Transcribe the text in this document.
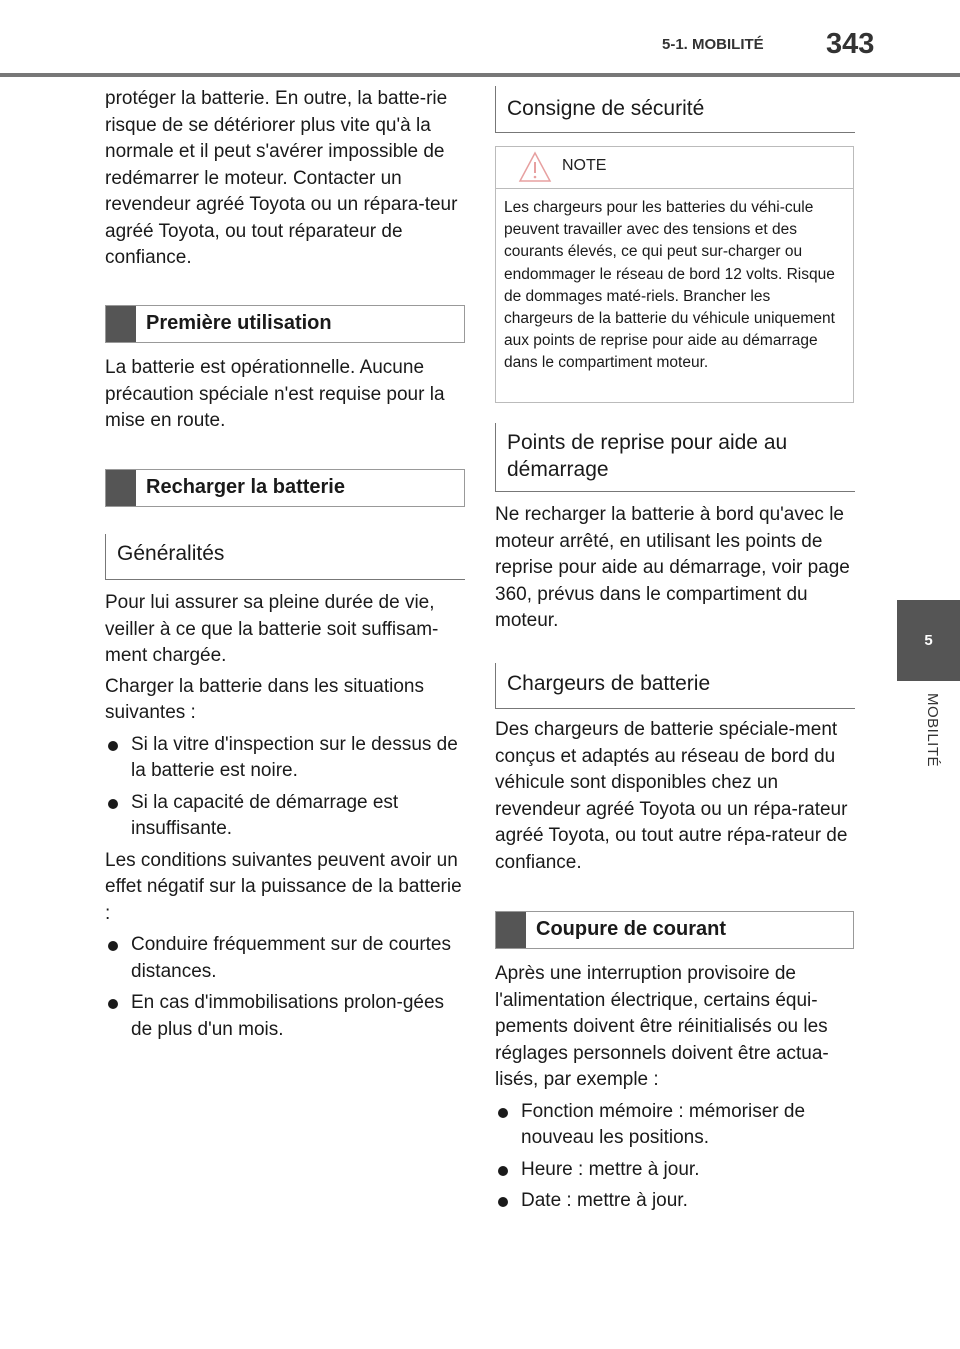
5-1. MOBILITÉ 343
5
MOBILITÉ

protéger la batterie. En outre, la batte-rie risque de se détériorer plus vite qu'à la normale et il peut s'avérer impossible de redémarrer le moteur. Contacter un revendeur agréé Toyota ou un répara-teur agréé Toyota, ou tout réparateur de confiance.

Première utilisation

La batterie est opérationnelle. Aucune précaution spéciale n'est requise pour la mise en route.

Recharger la batterie
Généralités

Pour lui assurer sa pleine durée de vie, veiller à ce que la batterie soit suffisam-ment chargée.

Charger la batterie dans les situations suivantes :

Si la vitre d'inspection sur le dessus de la batterie est noire.

Si la capacité de démarrage est insuffisante.

Les conditions suivantes peuvent avoir un effet négatif sur la puissance de la batterie :

Conduire fréquemment sur de courtes distances.

En cas d'immobilisations prolon-gées de plus d'un mois.

Consigne de sécurité
NOTE
Les chargeurs pour les batteries du véhi-cule peuvent travailler avec des tensions et des courants élevés, ce qui peut sur-charger ou endommager le réseau de bord 12 volts. Risque de dommages maté-riels. Brancher les chargeurs de la batterie du véhicule uniquement aux points de reprise pour aide au démarrage dans le compartiment moteur.
Points de reprise pour aide au démarrage

Ne recharger la batterie à bord qu'avec le moteur arrêté, en utilisant les points de reprise pour aide au démarrage, voir page 360, prévus dans le compartiment du moteur.

Chargeurs de batterie

Des chargeurs de batterie spéciale-ment conçus et adaptés au réseau de bord du véhicule sont disponibles chez un revendeur agréé Toyota ou un répa-rateur agréé Toyota, ou tout autre répa-rateur de confiance.

Coupure de courant

Après une interruption provisoire de l'alimentation électrique, certains équi-pements doivent être réinitialisés ou les réglages personnels doivent être actua-lisés, par exemple :

Fonction mémoire : mémoriser de nouveau les positions.

Heure : mettre à jour.

Date : mettre à jour.
